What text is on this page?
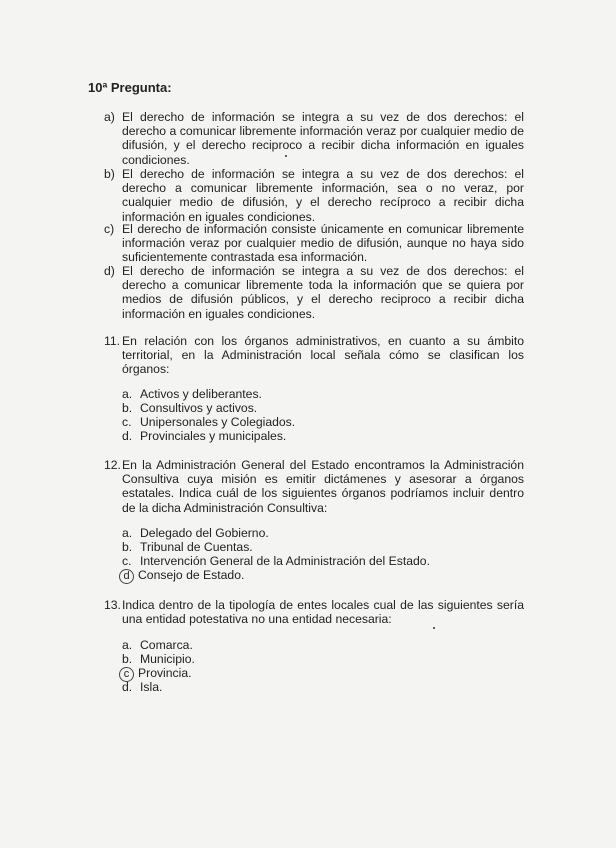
10ª Pregunta:
a) El derecho de información se integra a su vez de dos derechos: el derecho a comunicar libremente información veraz por cualquier medio de difusión, y el derecho reciproco a recibir dicha información en iguales condiciones.
b) El derecho de información se integra a su vez de dos derechos: el derecho a comunicar libremente información, sea o no veraz, por cualquier medio de difusión, y el derecho recíproco a recibir dicha información en iguales condiciones.
c) El derecho de información consiste únicamente en comunicar libremente información veraz por cualquier medio de difusión, aunque no haya sido suficientemente contrastada esa información.
d) El derecho de información se integra a su vez de dos derechos: el derecho a comunicar libremente toda la información que se quiera por medios de difusión públicos, y el derecho reciproco a recibir dicha información en iguales condiciones.
11. En relación con los órganos administrativos, en cuanto a su ámbito territorial, en la Administración local señala cómo se clasifican los órganos:
a. Activos y deliberantes.
b. Consultivos y activos.
c. Unipersonales y Colegiados.
d. Provinciales y municipales.
12. En la Administración General del Estado encontramos la Administración Consultiva cuya misión es emitir dictámenes y asesorar a órganos estatales. Indica cuál de los siguientes órganos podríamos incluir dentro de la dicha Administración Consultiva:
a. Delegado del Gobierno.
b. Tribunal de Cuentas.
c. Intervención General de la Administración del Estado.
d Consejo de Estado.
13. Indica dentro de la tipología de entes locales cual de las siguientes sería una entidad potestativa no una entidad necesaria:
a. Comarca.
b. Municipio.
c Provincia.
d. Isla.
